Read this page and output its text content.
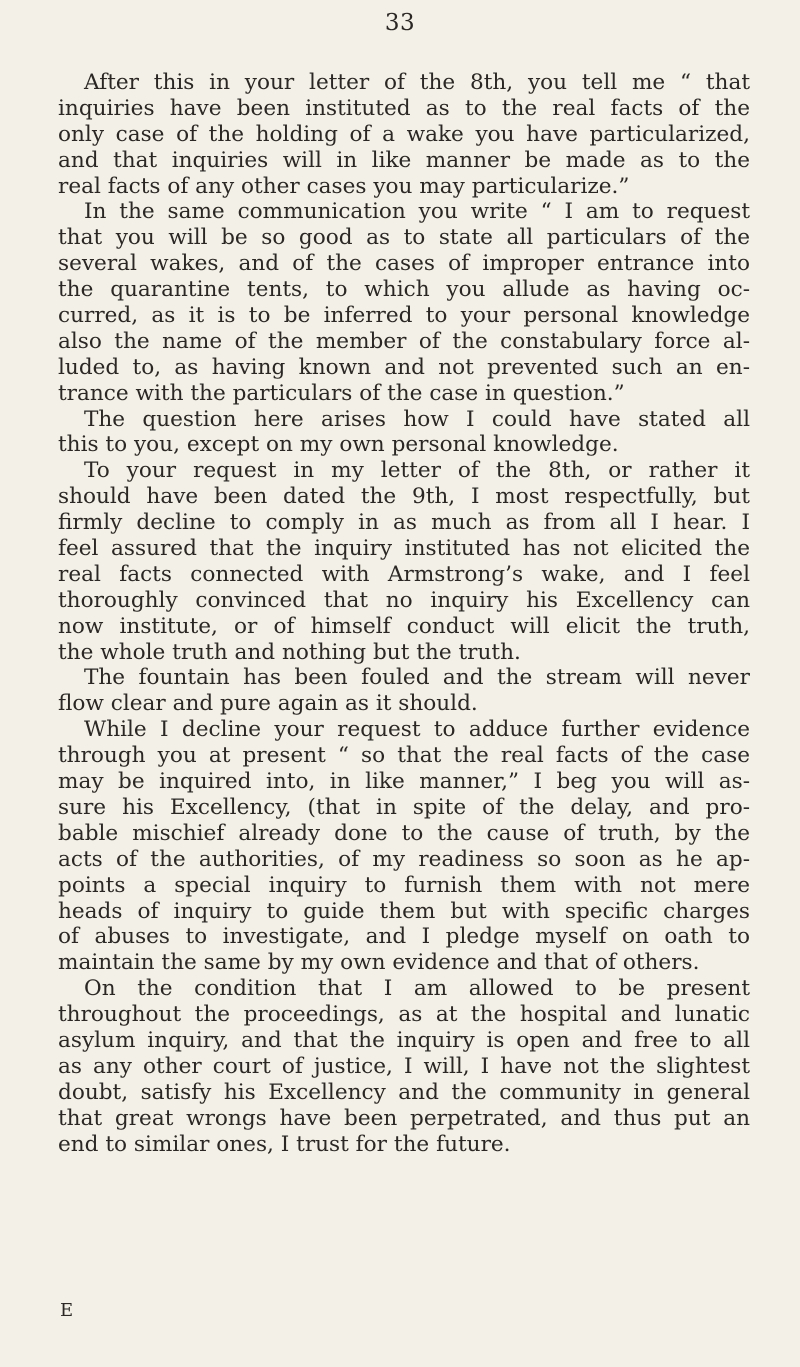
33
After this in your letter of the 8th, you tell me “ that
inquiries have been instituted as to the real facts of the
only case of the holding of a wake you have particularized,
and that inquiries will in like manner be made as to the
real facts of any other cases you may particularize.”
In the same communication you write “ I am to request
that you will be so good as to state all particulars of the
several wakes, and of the cases of improper entrance into
the quarantine tents, to which you allude as having oc-
curred, as it is to be inferred to your personal knowledge
also the name of the member of the constabulary force al-
luded to, as having known and not prevented such an en-
trance with the particulars of the case in question.”
The question here arises how I could have stated all
this to you, except on my own personal knowledge.
To your request in my letter of the 8th, or rather it
should have been dated the 9th, I most respectfully, but
firmly decline to comply in as much as from all I hear. I
feel assured that the inquiry instituted has not elicited the
real facts connected with Armstrong’s wake, and I feel
thoroughly convinced that no inquiry his Excellency can
now institute, or of himself conduct will elicit the truth,
the whole truth and nothing but the truth.
The fountain has been fouled and the stream will never
flow clear and pure again as it should.
While I decline your request to adduce further evidence
through you at present “ so that the real facts of the case
may be inquired into, in like manner,” I beg you will as-
sure his Excellency, (that in spite of the delay, and pro-
bable mischief already done to the cause of truth, by the
acts of the authorities, of my readiness so soon as he ap-
points a special inquiry to furnish them with not mere
heads of inquiry to guide them but with specific charges
of abuses to investigate, and I pledge myself on oath to
maintain the same by my own evidence and that of others.
On the condition that I am allowed to be present
throughout the proceedings, as at the hospital and lunatic
asylum inquiry, and that the inquiry is open and free to all
as any other court of justice, I will, I have not the slightest
doubt, satisfy his Excellency and the community in general
that great wrongs have been perpetrated, and thus put an
end to similar ones, I trust for the future.
E
